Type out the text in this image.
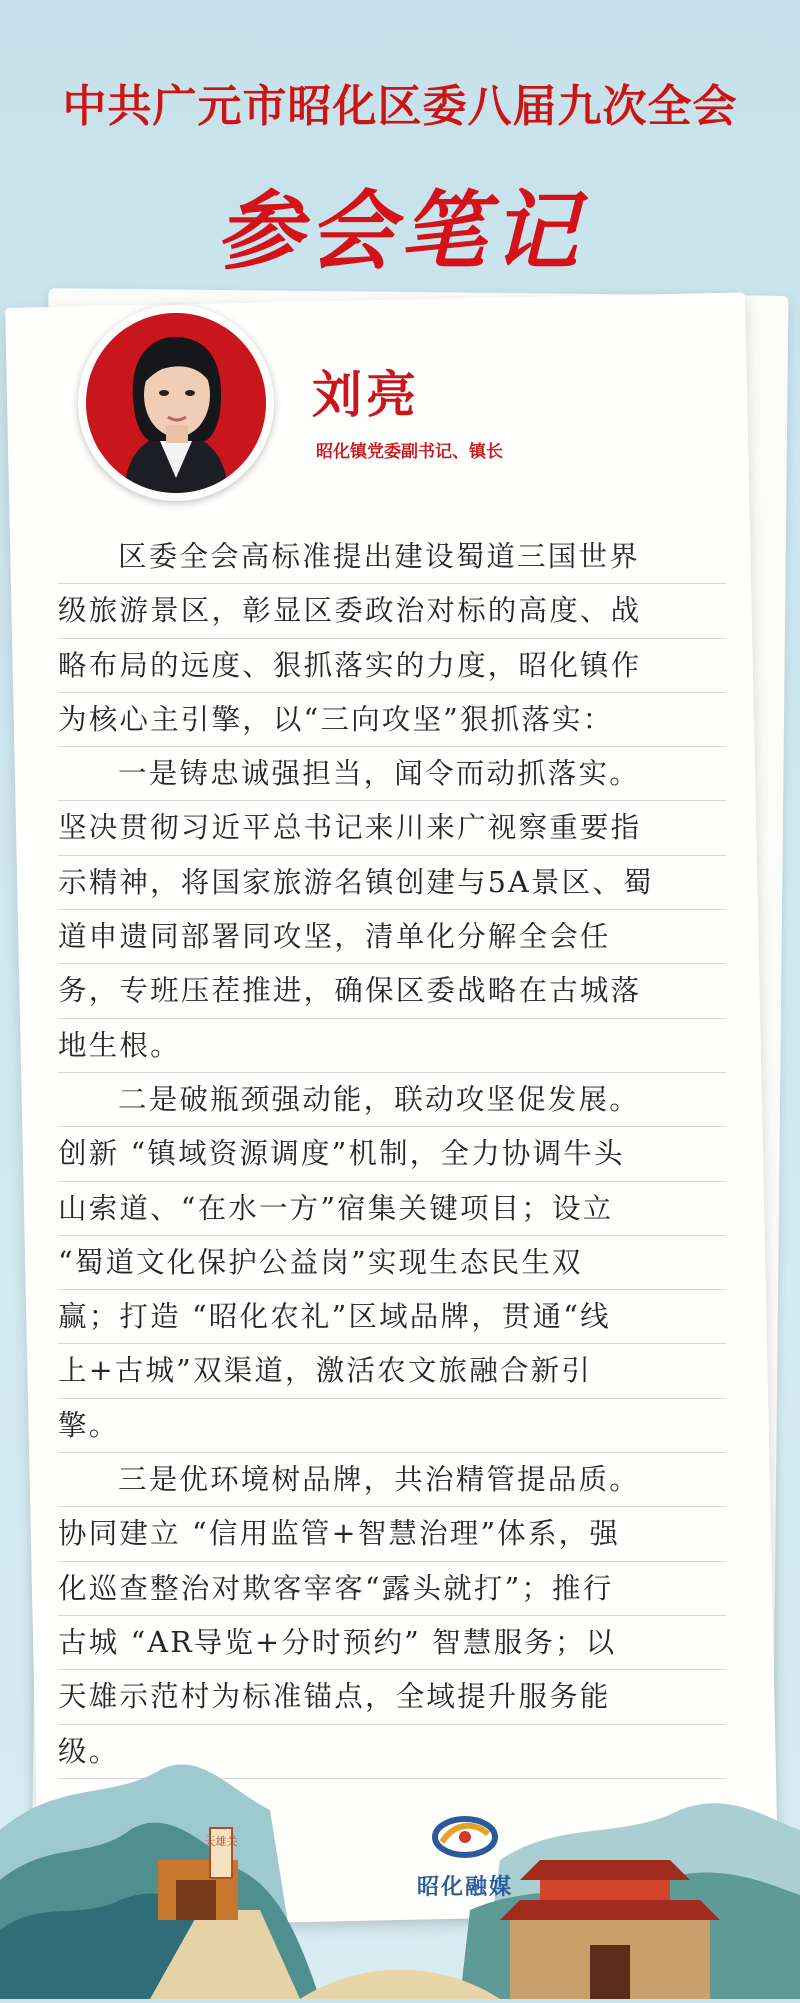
中共广元市昭化区委八届九次全会
参会笔记
刘亮
昭化镇党委副书记、镇长
区委全会高标准提出建设蜀道三国世界
级旅游景区，彰显区委政治对标的高度、战
略布局的远度、狠抓落实的力度，昭化镇作
为核心主引擎，以“三向攻坚”狠抓落实：
一是铸忠诚强担当，闻令而动抓落实。
坚决贯彻习近平总书记来川来广视察重要指
示精神，将国家旅游名镇创建与5A景区、蜀
道申遗同部署同攻坚，清单化分解全会任
务，专班压茬推进，确保区委战略在古城落
地生根。
二是破瓶颈强动能，联动攻坚促发展。
创新 “镇域资源调度”机制，全力协调牛头
山索道、“在水一方”宿集关键项目；设立
“蜀道文化保护公益岗”实现生态民生双
赢；打造 “昭化农礼”区域品牌，贯通“线
上+古城”双渠道，激活农文旅融合新引
擎。
三是优环境树品牌，共治精管提品质。
协同建立 “信用监管+智慧治理”体系，强
化巡查整治对欺客宰客“露头就打”；推行
古城 “AR导览+分时预约” 智慧服务；以
天雄示范村为标准锚点，全域提升服务能
级。
天雄关
昭化融媒
